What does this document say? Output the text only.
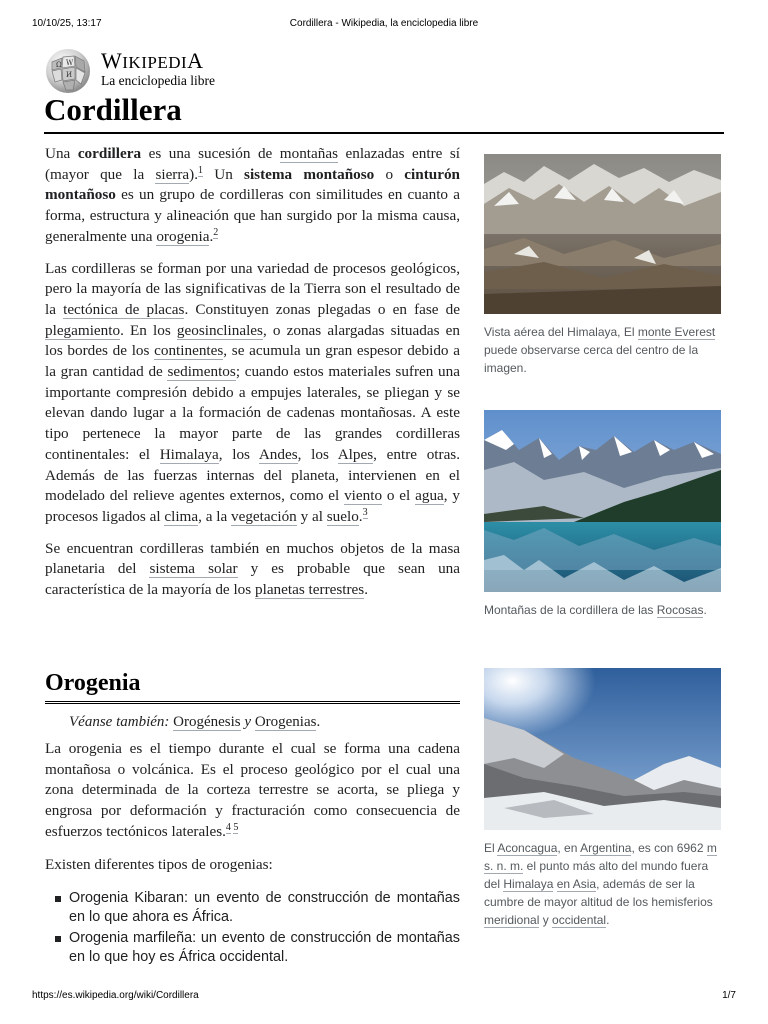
10/10/25, 13:17	Cordillera - Wikipedia, la enciclopedia libre
Ω W
И
WIKIPEDIA
La enciclopedia libre
Cordillera

Una cordillera es una sucesión de montañas enlazadas entre sí (mayor que la sierra).$^1$ Un sistema montañoso o cinturón montañoso es un grupo de cordilleras con similitudes en cuanto a forma, estructura y alineación que han surgido por la misma causa, generalmente una orogenia.$^2$

Las cordilleras se forman por una variedad de procesos geológicos, pero la mayoría de las significativas de la Tierra son el resultado de la tectónica de placas. Constituyen zonas plegadas o en fase de plegamiento. En los geosinclinales, o zonas alargadas situadas en los bordes de los continentes, se acumula un gran espesor debido a la gran cantidad de sedimentos; cuando estos materiales sufren una importante compresión debido a empujes laterales, se pliegan y se elevan dando lugar a la formación de cadenas montañosas. A este tipo pertenece la mayor parte de las grandes cordilleras continentales: el Himalaya, los Andes, los Alpes, entre otras. Además de las fuerzas internas del planeta, intervienen en el modelado del relieve agentes externos, como el viento o el agua, y procesos ligados al clima, a la vegetación y al suelo.$^3$

Se encuentran cordilleras también en muchos objetos de la masa planetaria del sistema solar y es probable que sean una característica de la mayoría de los planetas terrestres.

Orogenia
Véanse también: Orogénesis y Orogenias.

La orogenia es el tiempo durante el cual se forma una cadena montañosa o volcánica. Es el proceso geológico por el cual una zona determinada de la corteza terrestre se acorta, se pliega y engrosa por deformación y fracturación como consecuencia de esfuerzos tectónicos laterales.$^{4 5}$

Existen diferentes tipos de orogenias:

Orogenia Kibaran: un evento de construcción de montañas en lo que ahora es África.
Orogenia marfileña: un evento de construcción de montañas en lo que hoy es África occidental.
Vista aérea del Himalaya, El monte Everest puede observarse cerca del centro de la imagen.
Montañas de la cordillera de las Rocosas.
El Aconcagua, en Argentina, es con 6962 m s. n. m. el punto más alto del mundo fuera del Himalaya en Asia, además de ser la cumbre de mayor altitud de los hemisferios meridional y occidental.
https://es.wikipedia.org/wiki/Cordillera	1/7
